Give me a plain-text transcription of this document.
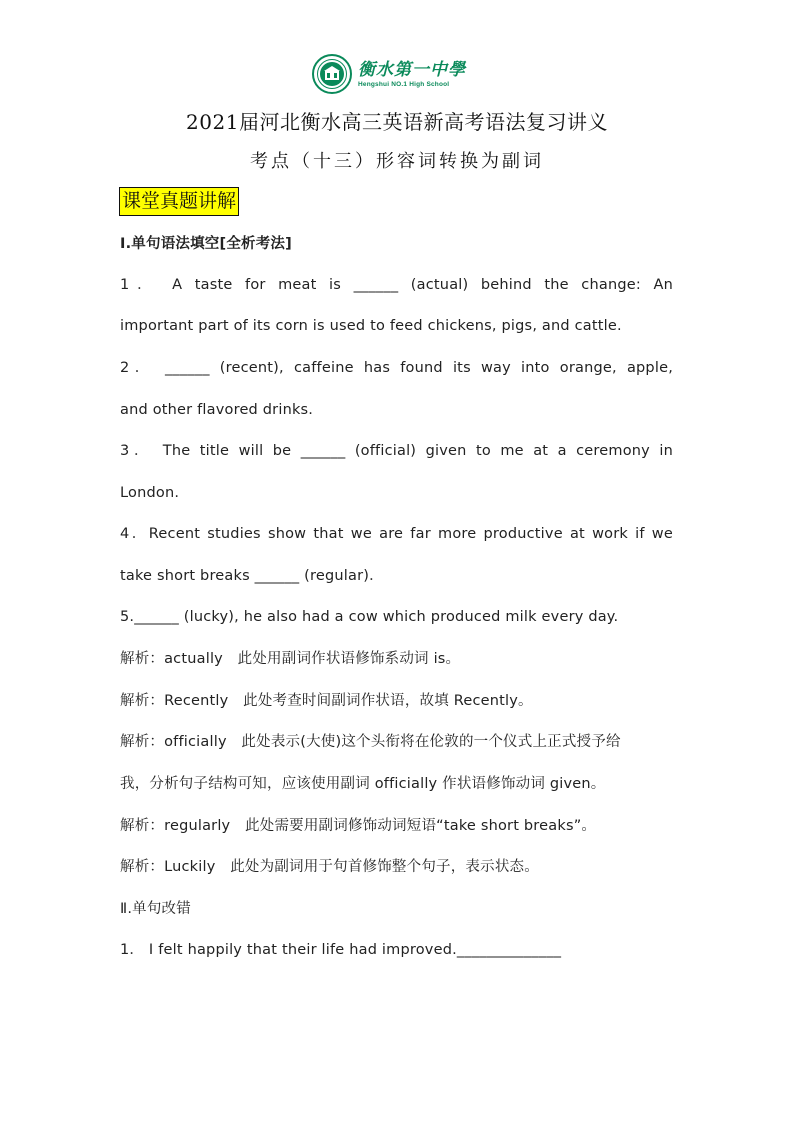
衡水第一中學
Hengshui NO.1 High School
2021届河北衡水高三英语新高考语法复习讲义
考点（十三）形容词转换为副词
课堂真题讲解
Ⅰ.单句语法填空[全析考法]
1． A taste for meat is ______ (actual) behind the change: An
important part of its corn is used to feed chickens, pigs, and cattle.
2． ______ (recent), caffeine has found its way into orange, apple,
and other flavored drinks.
3． The title will be ______ (official) given to me at a ceremony in
London.
4．Recent studies show that we are far more productive at work if we
take short breaks ______ (regular)．
5.______ (lucky), he also had a cow which produced milk every day.
解析：actually　此处用副词作状语修饰系动词 is。
解析：Recently　此处考查时间副词作状语，故填 Recently。
解析：officially　此处表示(大使)这个头衔将在伦敦的一个仪式上正式授予给
我，分析句子结构可知，应该使用副词 officially 作状语修饰动词 given。
解析：regularly　此处需要用副词修饰动词短语“take short breaks”。
解析：Luckily　此处为副词用于句首修饰整个句子，表示状态。
Ⅱ.单句改错
1． I felt happily that their life had improved.______________
